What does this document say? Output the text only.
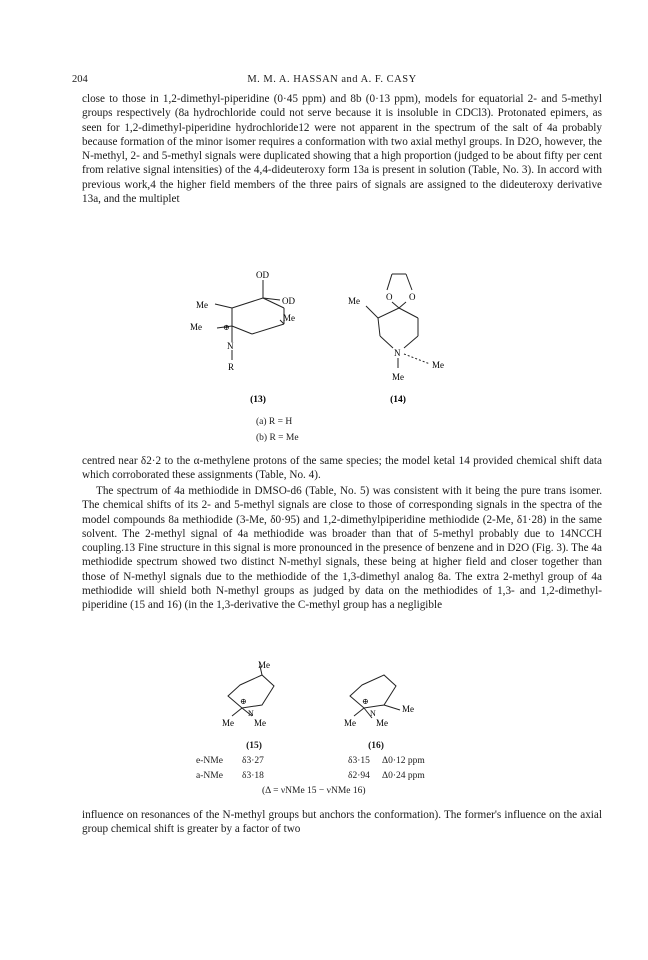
204	M. M. A. HASSAN and A. F. CASY

close to those in 1,2-dimethyl-piperidine (0·45 ppm) and 8b (0·13 ppm), models for equatorial 2- and 5-methyl groups respectively (8a hydrochloride could not serve because it is insoluble in CDCl3). Protonated epimers, as seen for 1,2-dimethyl-piperidine hydrochloride12 were not apparent in the spectrum of the salt of 4a probably because formation of the minor isomer requires a conformation with two axial methyl groups. In D2O, however, the N-methyl, 2- and 5-methyl signals were duplicated showing that a high proportion (judged to be about fifty per cent from relative signal intensities) of the 4,4-dideuteroxy form 13a is present in solution (Table, No. 3). In accord with previous work,4 the higher field members of the three pairs of signals are assigned to the dideuteroxy derivative 13a, and the multiplet

OD
OD
Me
Me
Me	⊕
N
R
(13)
O O
Me
N
Me
Me
(14)
(a) R = H
(b) R = Me

centred near δ2·2 to the α-methylene protons of the same species; the model ketal 14 provided chemical shift data which corroborated these assignments (Table, No. 4).

The spectrum of 4a methiodide in DMSO-d6 (Table, No. 5) was consistent with it being the pure trans isomer. The chemical shifts of its 2- and 5-methyl signals are close to those of corresponding signals in the spectra of the model compounds 8a methiodide (3-Me, δ0·95) and 1,2-dimethylpiperidine methiodide (2-Me, δ1·28) in the same solvent. The 2-methyl signal of 4a methiodide was broader than that of 5-methyl probably due to 14NCCH coupling.13 Fine structure in this signal is more pronounced in the presence of benzene and in D2O (Fig. 3). The 4a methiodide spectrum showed two distinct N-methyl signals, these being at higher field and closer together than those of N-methyl signals due to the methiodide of the 1,3-dimethyl analog 8a. The extra 2-methyl group of 4a methiodide will shield both N-methyl groups as judged by data on the methiodides of 1,3- and 1,2-dimethyl-piperidine (15 and 16) (in the 1,3-derivative the C-methyl group has a negligible

Me
Me Me
⊕
N	Me
Me Me
⊕
N
(15)	(16)
e-NMe δ3·27	δ3·15 Δ0·12 ppm
a-NMe δ3·18	δ2·94 Δ0·24 ppm
(Δ = νNMe 15 − νNMe 16)

influence on resonances of the N-methyl groups but anchors the conformation). The former's influence on the axial group chemical shift is greater by a factor of two
